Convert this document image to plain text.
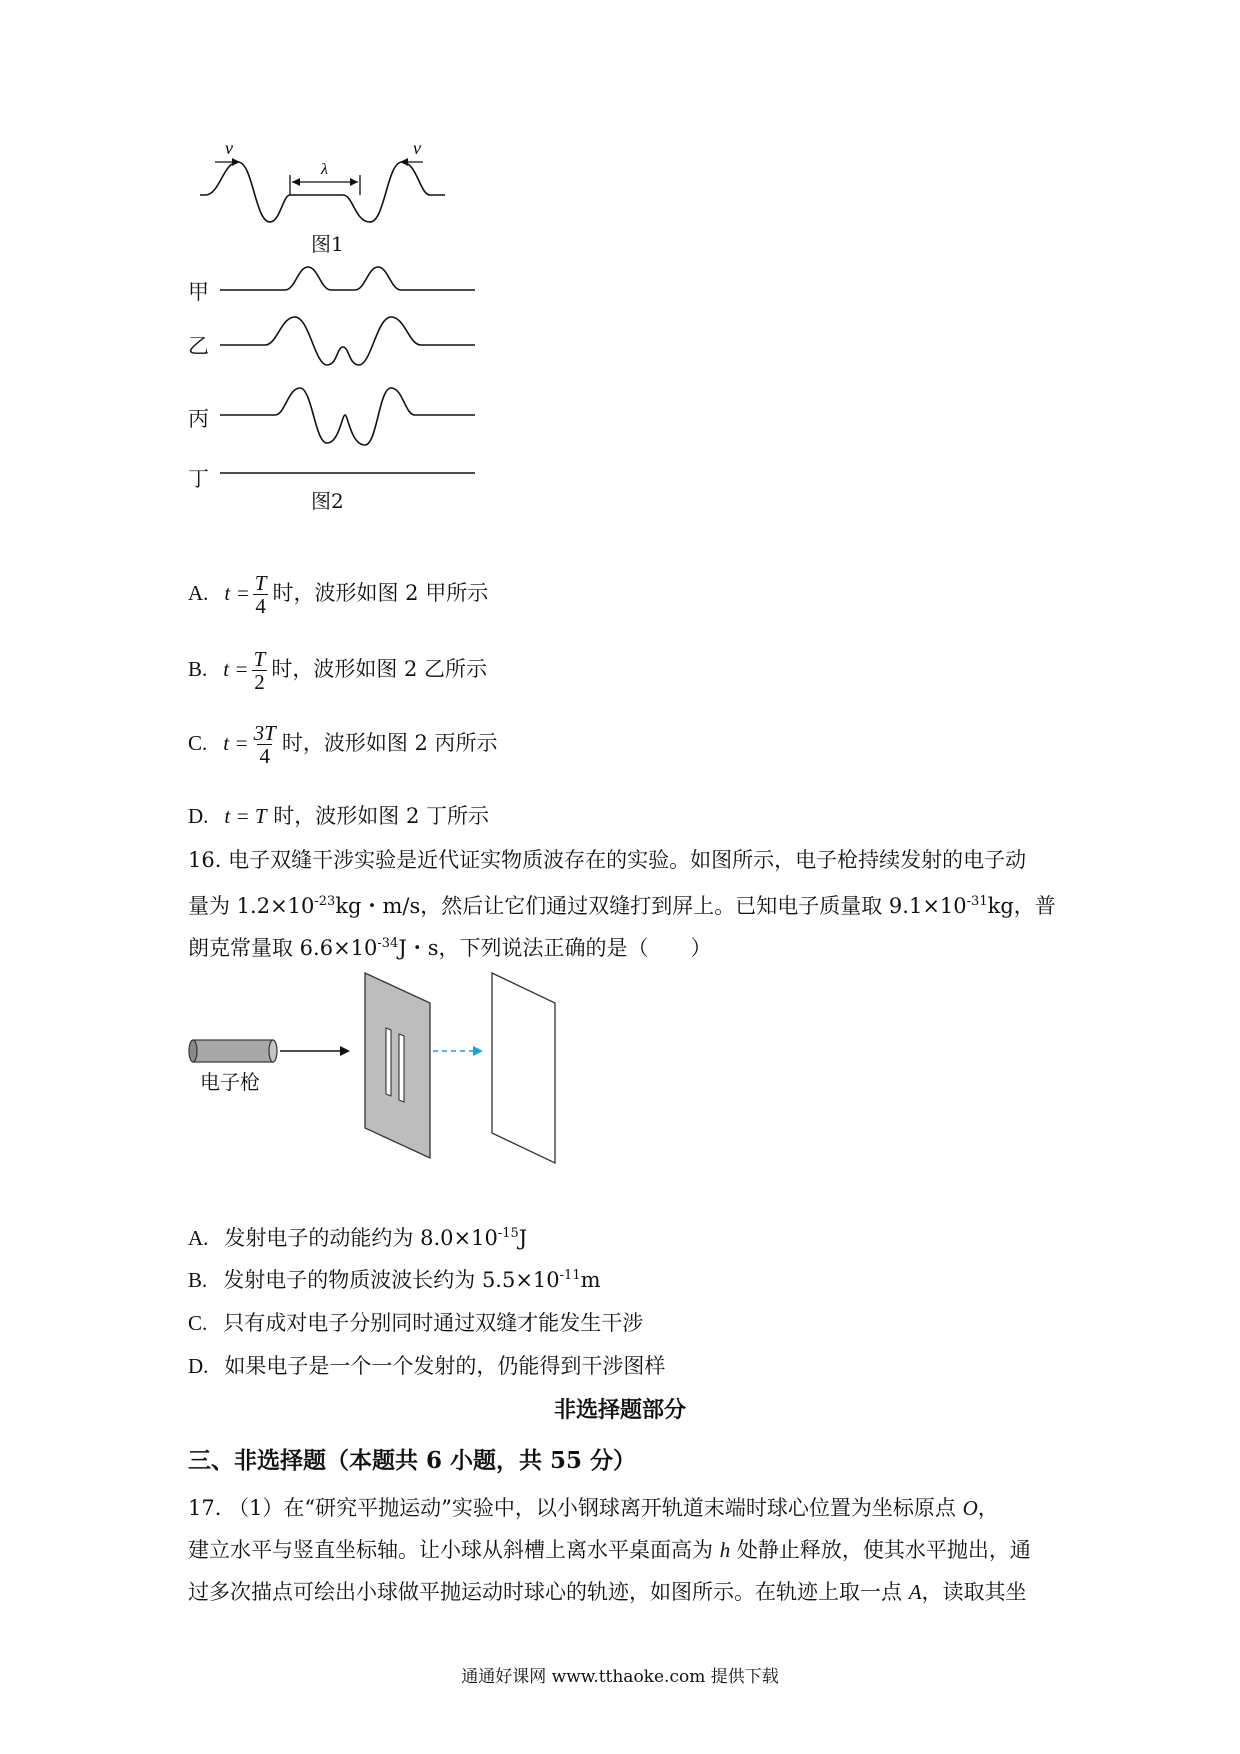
v	v
λ
图1
甲
乙
丙
丁
图2
A. $t = \frac{T}{4}$ 时，波形如图 2 甲所示
B. $t = \frac{T}{2}$ 时，波形如图 2 乙所示
C. $t = \frac{3T}{4}$ 时，波形如图 2 丙所示
D. t = T 时，波形如图 2 丁所示
16. 电子双缝干涉实验是近代证实物质波存在的实验。如图所示，电子枪持续发射的电子动
量为 $1.2\times 10^{-23}kg$・m/s，然后让它们通过双缝打到屏上。已知电子质量取 $9.1\times 10^{-31}kg$，普
朗克常量取 $6.6\times 10^{-34}J$・s，下列说法正确的是（　　）
电子枪
A. 发射电子的动能约为 $8.0\times 10^{-15}J$
B. 发射电子的物质波波长约为 $5.5\times 10^{-11}m$
C. 只有成对电子分别同时通过双缝才能发生干涉
D. 如果电子是一个一个发射的，仍能得到干涉图样
非选择题部分
三、非选择题（本题共 6 小题，共 55 分）
17. （1）在“研究平抛运动”实验中，以小钢球离开轨道末端时球心位置为坐标原点 O，
建立水平与竖直坐标轴。让小球从斜槽上离水平桌面高为 h 处静止释放，使其水平抛出，通
过多次描点可绘出小球做平抛运动时球心的轨迹，如图所示。在轨迹上取一点 A，读取其坐
通通好课网 www.tthaoke.com 提供下载
